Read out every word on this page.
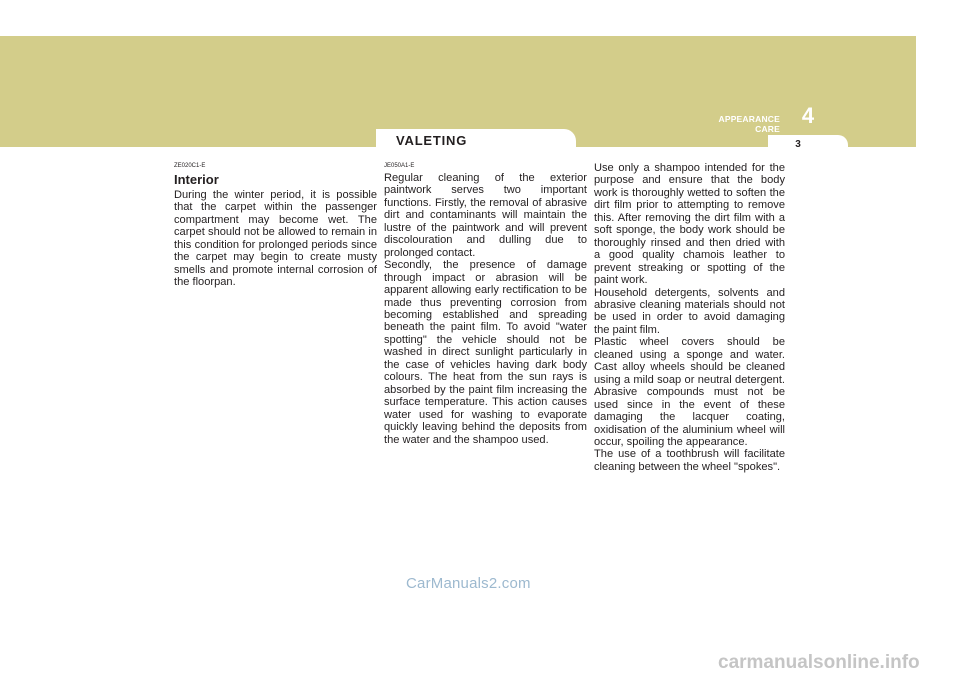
APPEARANCE CARE
4
3
VALETING
ZE020C1-E
Interior

During the winter period, it is possible that the carpet within the passenger compartment may become wet. The carpet should not be allowed to remain in this condition for prolonged periods since the carpet may begin to create musty smells and promote internal corrosion of the floorpan.

JE050A1-E

Regular cleaning of the exterior paintwork serves two important functions. Firstly, the removal of abrasive dirt and contaminants will maintain the lustre of the paintwork and will prevent discolouration and dulling due to prolonged contact.

Secondly, the presence of damage through impact or abrasion will be apparent allowing early rectification to be made thus preventing corrosion from becoming established and spreading beneath the paint film. To avoid "water spotting" the vehicle should not be washed in direct sunlight particularly in the case of vehicles having dark body colours. The heat from the sun rays is absorbed by the paint film increasing the surface temperature. This action causes water used for washing to evaporate quickly leaving behind the deposits from the water and the shampoo used.

Use only a shampoo intended for the purpose and ensure that the body work is thoroughly wetted to soften the dirt film prior to attempting to remove this. After removing the dirt film with a soft sponge, the body work should be thoroughly rinsed and then dried with a good quality chamois leather to prevent streaking or spotting of the paint work.

Household detergents, solvents and abrasive cleaning materials should not be used in order to avoid damaging the paint film.

Plastic wheel covers should be cleaned using a sponge and water. Cast alloy wheels should be cleaned using a mild soap or neutral detergent. Abrasive compounds must not be used since in the event of these damaging the lacquer coating, oxidisation of the aluminium wheel will occur, spoiling the appearance.

The use of a toothbrush will facilitate cleaning between the wheel "spokes".

CarManuals2.com
carmanualsonline.info
